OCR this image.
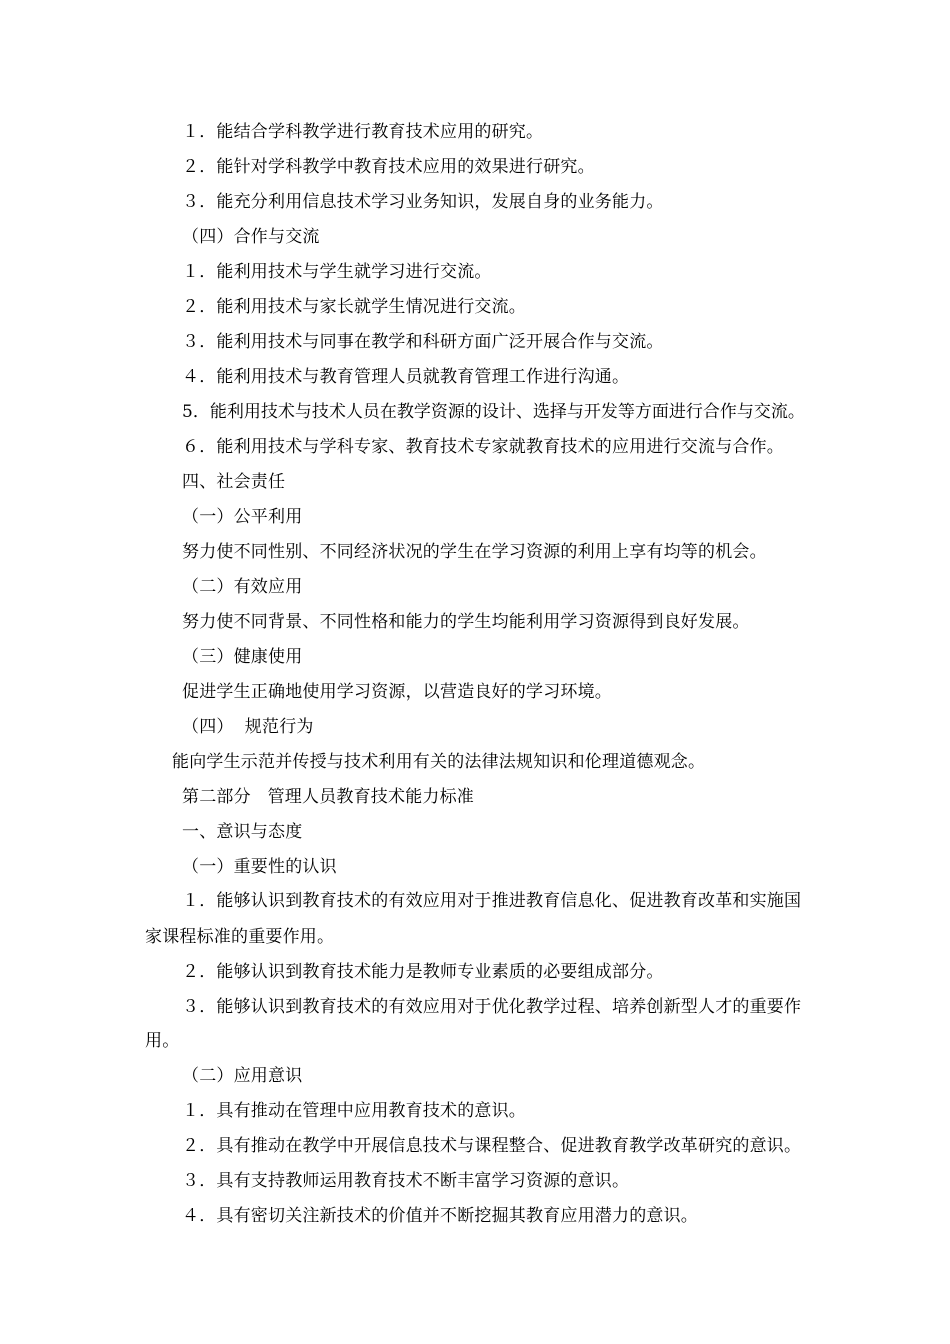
１．能结合学科教学进行教育技术应用的研究。
２．能针对学科教学中教育技术应用的效果进行研究。
３．能充分利用信息技术学习业务知识，发展自身的业务能力。
（四）合作与交流
１．能利用技术与学生就学习进行交流。
２．能利用技术与家长就学生情况进行交流。
３．能利用技术与同事在教学和科研方面广泛开展合作与交流。
４．能利用技术与教育管理人员就教育管理工作进行沟通。
5．能利用技术与技术人员在教学资源的设计、选择与开发等方面进行合作与交流。
６．能利用技术与学科专家、教育技术专家就教育技术的应用进行交流与合作。
四、社会责任
（一）公平利用
努力使不同性别、不同经济状况的学生在学习资源的利用上享有均等的机会。
（二）有效应用
努力使不同背景、不同性格和能力的学生均能利用学习资源得到良好发展。
（三）健康使用
促进学生正确地使用学习资源，以营造良好的学习环境。
（四）  规范行为
能向学生示范并传授与技术利用有关的法律法规知识和伦理道德观念。
第二部分   管理人员教育技术能力标准
一、意识与态度
（一）重要性的认识
１．能够认识到教育技术的有效应用对于推进教育信息化、促进教育改革和实施国
家课程标准的重要作用。
２．能够认识到教育技术能力是教师专业素质的必要组成部分。
３．能够认识到教育技术的有效应用对于优化教学过程、培养创新型人才的重要作
用。
（二）应用意识
１．具有推动在管理中应用教育技术的意识。
２．具有推动在教学中开展信息技术与课程整合、促进教育教学改革研究的意识。
３．具有支持教师运用教育技术不断丰富学习资源的意识。
４．具有密切关注新技术的价值并不断挖掘其教育应用潜力的意识。
